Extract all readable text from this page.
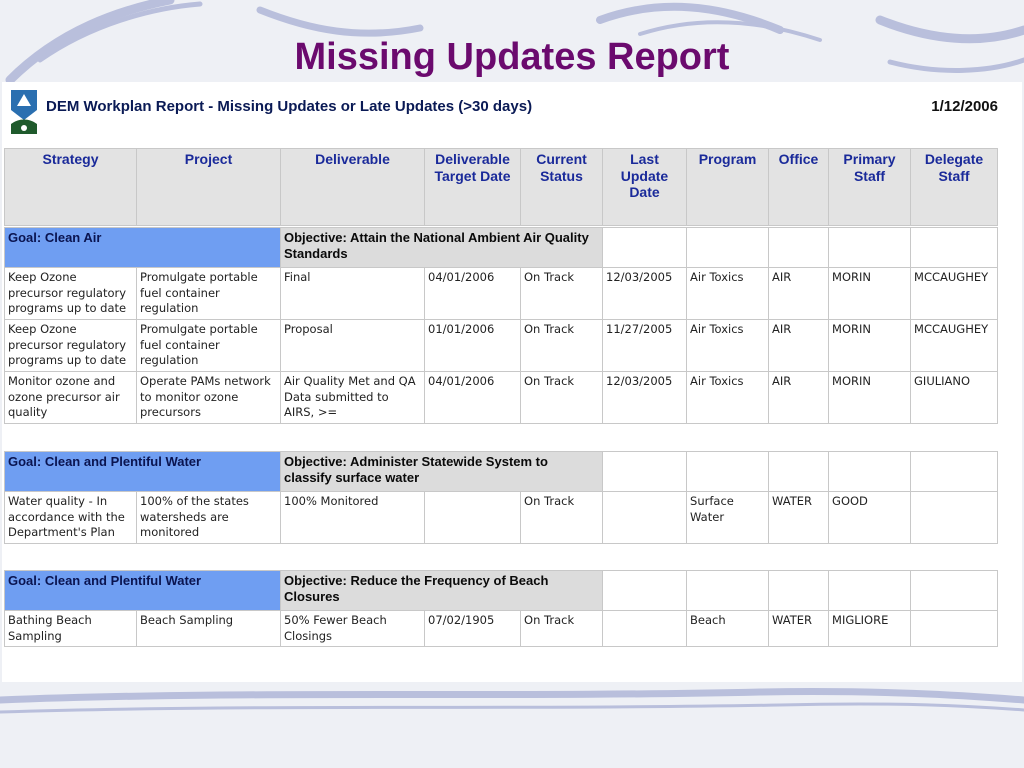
Missing Updates Report
DEM Workplan Report - Missing Updates or Late Updates (>30 days)	1/12/2006
Strategy	Project	Deliverable	Deliverable Target Date	Current Status	Last Update Date	Program	Office	Primary Staff	Delegate Staff
Goal: Clean Air		Objective: Attain the National Ambient Air Quality Standards							
Keep Ozone precursor regulatory programs up to date	Promulgate portable fuel container regulation	Final	04/01/2006	On Track	12/03/2005	Air Toxics	AIR	MORIN	MCCAUGHEY
Keep Ozone precursor regulatory programs up to date	Promulgate portable fuel container regulation	Proposal	01/01/2006	On Track	11/27/2005	Air Toxics	AIR	MORIN	MCCAUGHEY
Monitor ozone and ozone precursor air quality	Operate PAMs network to monitor ozone precursors	Air Quality Met and QA Data submitted to AIRS, >=	04/01/2006	On Track	12/03/2005	Air Toxics	AIR	MORIN	GIULIANO
Goal: Clean and Plentiful Water		Objective: Administer Statewide System to classify surface water							
Water quality - In accordance with the Department's Plan	100% of the states watersheds are monitored	100% Monitored		On Track		Surface Water	WATER	GOOD	
Goal: Clean and Plentiful Water		Objective: Reduce the Frequency of Beach Closures							
Bathing Beach Sampling	Beach Sampling	50% Fewer Beach Closings	07/02/1905	On Track		Beach	WATER	MIGLIORE	
